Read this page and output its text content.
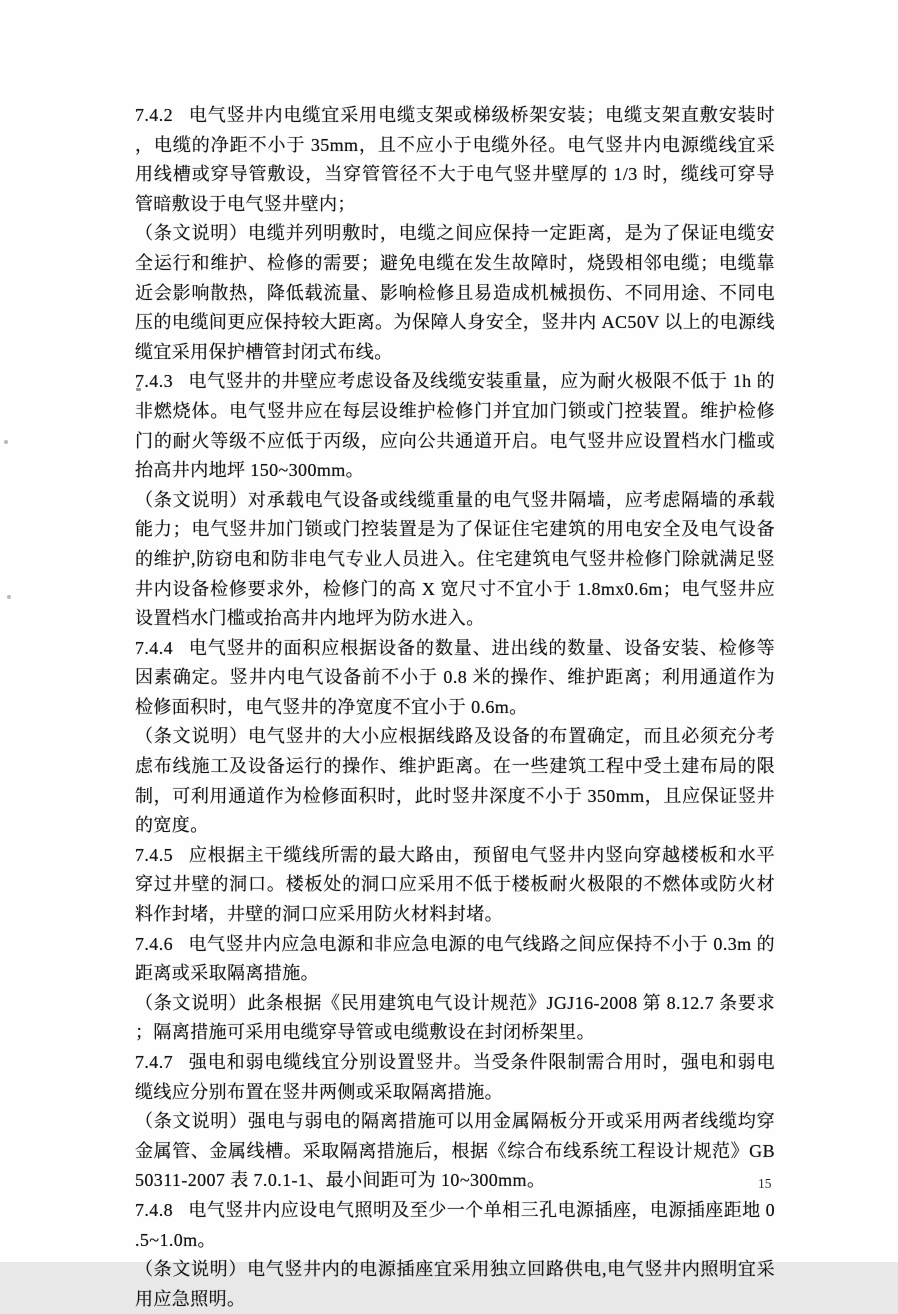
7.4.2 电气竖井内电缆宜采用电缆支架或梯级桥架安装；电缆支架直敷安装时，电缆的净距不小于 35mm，且不应小于电缆外径。电气竖井内电源缆线宜采用线槽或穿导管敷设，当穿管管径不大于电气竖井壁厚的 1/3 时，缆线可穿导管暗敷设于电气竖井壁内；

（条文说明）电缆并列明敷时，电缆之间应保持一定距离，是为了保证电缆安全运行和维护、检修的需要；避免电缆在发生故障时，烧毁相邻电缆；电缆靠近会影响散热，降低载流量、影响检修且易造成机械损伤、不同用途、不同电压的电缆间更应保持较大距离。为保障人身安全，竖井内 AC50V 以上的电源线缆宜采用保护槽管封闭式布线。

7.4.3 电气竖井的井壁应考虑设备及线缆安装重量，应为耐火极限不低于 1h 的非燃烧体。电气竖井应在每层设维护检修门并宜加门锁或门控装置。维护检修门的耐火等级不应低于丙级，应向公共通道开启。电气竖井应设置档水门槛或抬高井内地坪 150~300mm。

（条文说明）对承载电气设备或线缆重量的电气竖井隔墙，应考虑隔墙的承载能力；电气竖井加门锁或门控装置是为了保证住宅建筑的用电安全及电气设备的维护,防窃电和防非电气专业人员进入。住宅建筑电气竖井检修门除就满足竖井内设备检修要求外，检修门的高 X 宽尺寸不宜小于 1.8mx0.6m；电气竖井应设置档水门槛或抬高井内地坪为防水进入。

7.4.4 电气竖井的面积应根据设备的数量、进出线的数量、设备安装、检修等因素确定。竖井内电气设备前不小于 0.8 米的操作、维护距离；利用通道作为检修面积时，电气竖井的净宽度不宜小于 0.6m。

（条文说明）电气竖井的大小应根据线路及设备的布置确定，而且必须充分考虑布线施工及设备运行的操作、维护距离。在一些建筑工程中受土建布局的限制，可利用通道作为检修面积时，此时竖井深度不小于 350mm，且应保证竖井的宽度。

7.4.5 应根据主干缆线所需的最大路由，预留电气竖井内竖向穿越楼板和水平穿过井壁的洞口。楼板处的洞口应采用不低于楼板耐火极限的不燃体或防火材料作封堵，井壁的洞口应采用防火材料封堵。

7.4.6 电气竖井内应急电源和非应急电源的电气线路之间应保持不小于 0.3m 的距离或采取隔离措施。

（条文说明）此条根据《民用建筑电气设计规范》JGJ16-2008 第 8.12.7 条要求；隔离措施可采用电缆穿导管或电缆敷设在封闭桥架里。

7.4.7 强电和弱电缆线宜分别设置竖井。当受条件限制需合用时，强电和弱电缆线应分别布置在竖井两侧或采取隔离措施。

（条文说明）强电与弱电的隔离措施可以用金属隔板分开或采用两者线缆均穿金属管、金属线槽。采取隔离措施后，根据《综合布线系统工程设计规范》GB50311-2007 表 7.0.1-1、最小间距可为 10~300mm。

7.4.8 电气竖井内应设电气照明及至少一个单相三孔电源插座，电源插座距地 0.5~1.0m。

（条文说明）电气竖井内的电源插座宜采用独立回路供电,电气竖井内照明宜采用应急照明。

15
